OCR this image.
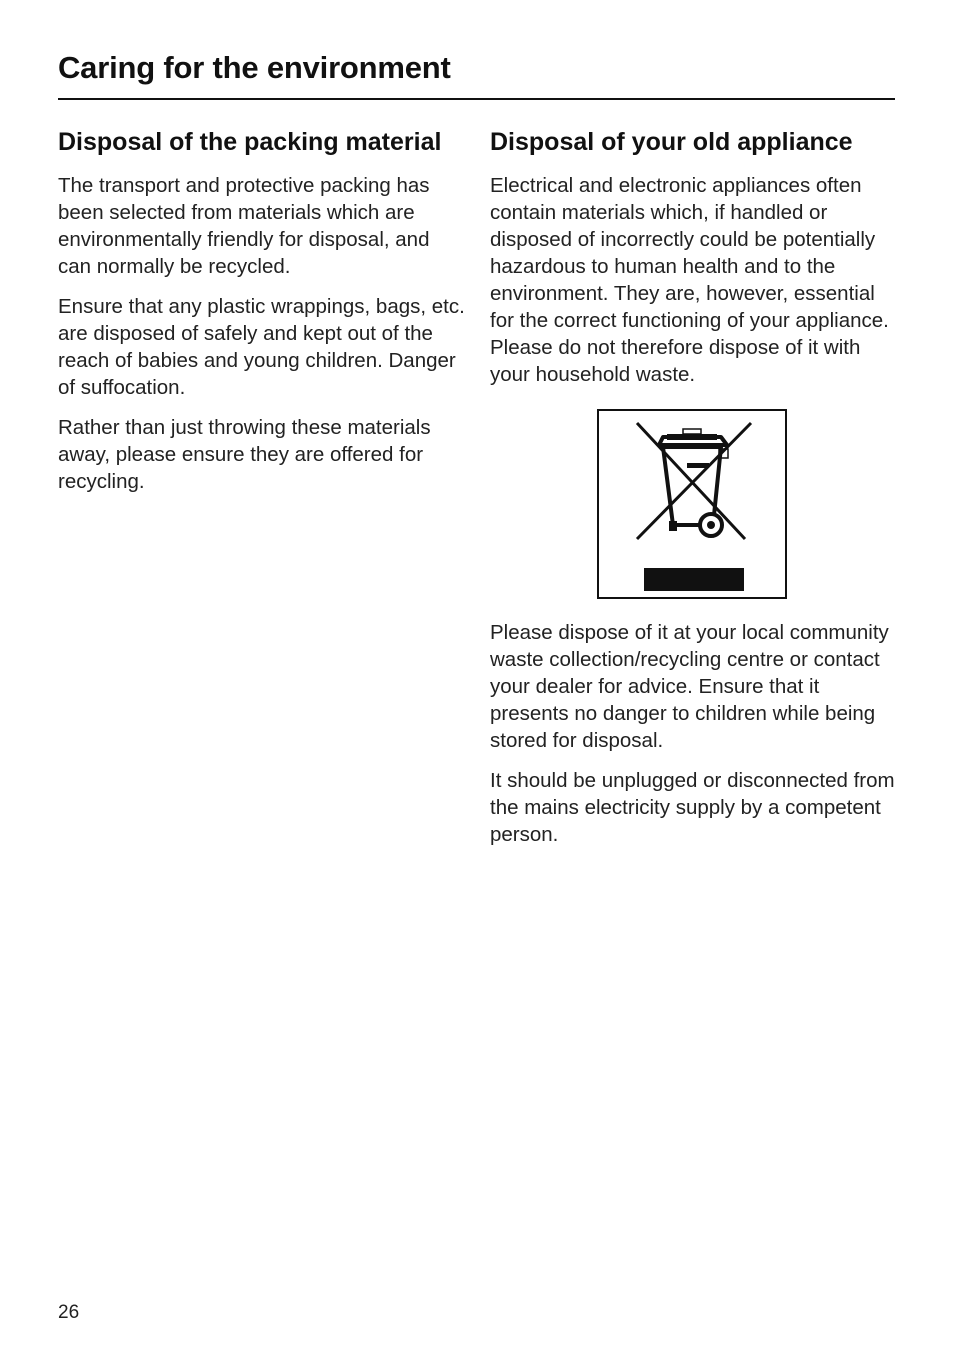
Caring for the environment
Disposal of the packing material

The transport and protective packing has been selected from materials which are environmentally friendly for disposal, and can normally be recycled.

Ensure that any plastic wrappings, bags, etc. are disposed of safely and kept out of the reach of babies and young children. Danger of suffocation.

Rather than just throwing these materials away, please ensure they are offered for recycling.

Disposal of your old appliance

Electrical and electronic appliances often contain materials which, if handled or disposed of incorrectly could be potentially hazardous to human health and to the environment. They are, however, essential for the correct functioning of your appliance. Please do not therefore dispose of it with your household waste.

Please dispose of it at your local community waste collection/recycling centre or contact your dealer for advice. Ensure that it presents no danger to children while being stored for disposal.

It should be unplugged or disconnected from the mains electricity supply by a competent person.

26
